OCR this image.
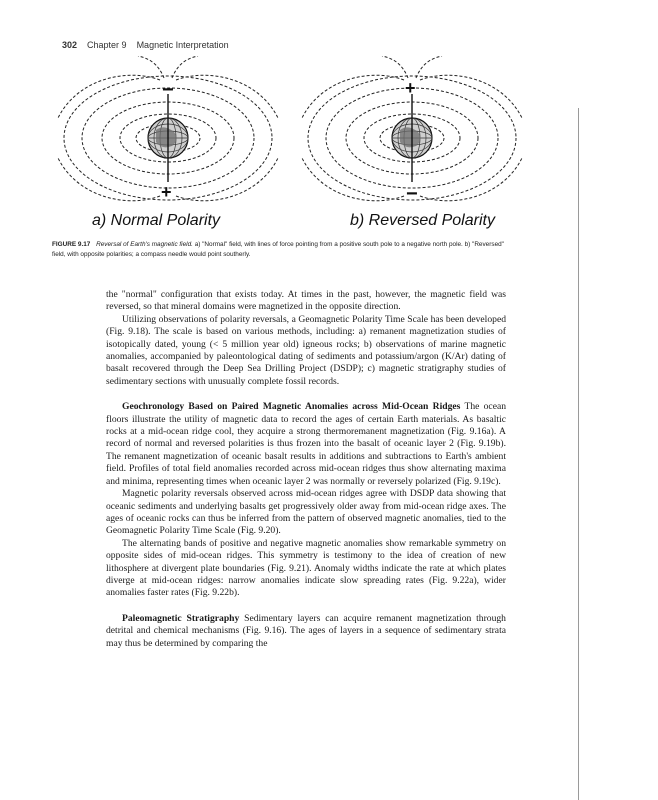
302 Chapter 9 Magnetic Interpretation
−
+
+
−
a) Normal Polarity	b) Reversed Polarity
FIGURE 9.17 Reversal of Earth's magnetic field. a) "Normal" field, with lines of force pointing from a positive south pole to a negative north pole. b) "Reversed" field, with opposite polarities; a compass needle would point southerly.

the "normal" configuration that exists today. At times in the past, however, the magnetic field was reversed, so that mineral domains were magnetized in the opposite direction.

Utilizing observations of polarity reversals, a Geomagnetic Polarity Time Scale has been developed (Fig. 9.18). The scale is based on various methods, including: a) remanent magnetization studies of isotopically dated, young (< 5 million year old) igneous rocks; b) observations of marine magnetic anomalies, accompanied by paleontological dating of sediments and potassium/argon (K/Ar) dating of basalt recovered through the Deep Sea Drilling Project (DSDP); c) magnetic stratigraphy studies of sedimentary sections with unusually complete fossil records.

Geochronology Based on Paired Magnetic Anomalies across Mid-Ocean Ridges The ocean floors illustrate the utility of magnetic data to record the ages of certain Earth materials. As basaltic rocks at a mid-ocean ridge cool, they acquire a strong thermoremanent magnetization (Fig. 9.16a). A record of normal and reversed polarities is thus frozen into the basalt of oceanic layer 2 (Fig. 9.19b). The remanent magnetization of oceanic basalt results in additions and subtractions to Earth's ambient field. Profiles of total field anomalies recorded across mid-ocean ridges thus show alternating maxima and minima, representing times when oceanic layer 2 was normally or reversely polarized (Fig. 9.19c).

Magnetic polarity reversals observed across mid-ocean ridges agree with DSDP data showing that oceanic sediments and underlying basalts get progressively older away from mid-ocean ridge axes. The ages of oceanic rocks can thus be inferred from the pattern of observed magnetic anomalies, tied to the Geomagnetic Polarity Time Scale (Fig. 9.20).

The alternating bands of positive and negative magnetic anomalies show remarkable symmetry on opposite sides of mid-ocean ridges. This symmetry is testimony to the idea of creation of new lithosphere at divergent plate boundaries (Fig. 9.21). Anomaly widths indicate the rate at which plates diverge at mid-ocean ridges: narrow anomalies indicate slow spreading rates (Fig. 9.22a), wider anomalies faster rates (Fig. 9.22b).

Paleomagnetic Stratigraphy Sedimentary layers can acquire remanent magnetization through detrital and chemical mechanisms (Fig. 9.16). The ages of layers in a sequence of sedimentary strata may thus be determined by comparing the
